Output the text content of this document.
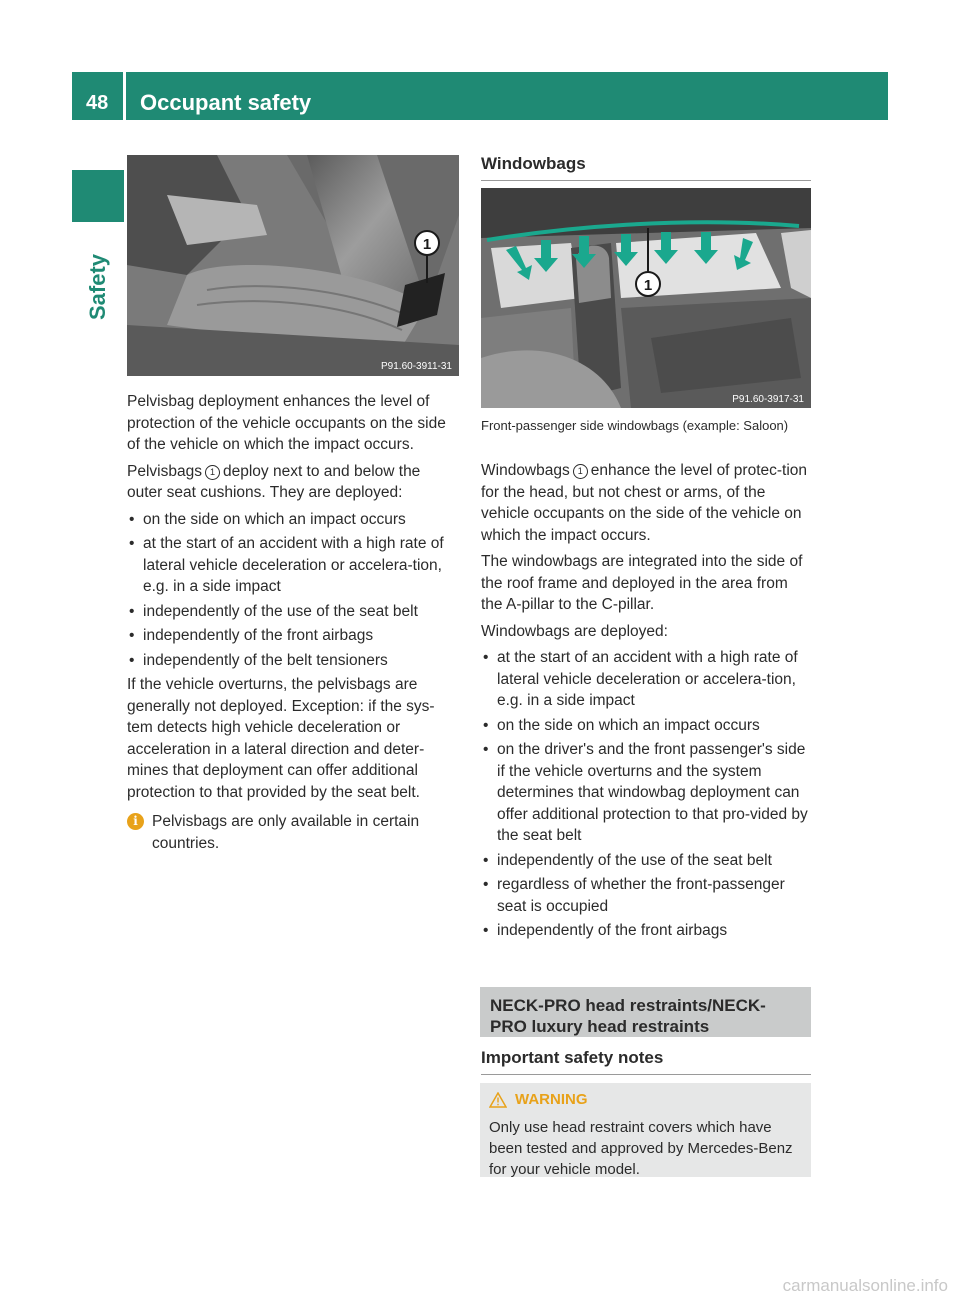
48 Occupant safety
Safety
1
P91.60-3911-31

Pelvisbag deployment enhances the level of protection of the vehicle occupants on the side of the vehicle on which the impact occurs.

Pelvisbags 1 deploy next to and below the outer seat cushions. They are deployed:

• on the side on which an impact occurs
• at the start of an accident with a high rate of lateral vehicle deceleration or accelera-tion, e.g. in a side impact
• independently of the use of the seat belt
• independently of the front airbags
• independently of the belt tensioners

If the vehicle overturns, the pelvisbags are generally not deployed. Exception: if the sys-tem detects high vehicle deceleration or acceleration in a lateral direction and deter-mines that deployment can offer additional protection to that provided by the seat belt.

i Pelvisbags are only available in certain countries.
Windowbags
1
P91.60-3917-31
Front-passenger side windowbags (example: Saloon)

Windowbags 1 enhance the level of protec-tion for the head, but not chest or arms, of the vehicle occupants on the side of the vehicle on which the impact occurs.

The windowbags are integrated into the side of the roof frame and deployed in the area from the A-pillar to the C-pillar.

Windowbags are deployed:

• at the start of an accident with a high rate of lateral vehicle deceleration or accelera-tion, e.g. in a side impact
• on the side on which an impact occurs
• on the driver's and the front passenger's side if the vehicle overturns and the system determines that windowbag deployment can offer additional protection to that pro-vided by the seat belt
• independently of the use of the seat belt
• regardless of whether the front-passenger seat is occupied
• independently of the front airbags
NECK-PRO head restraints/NECK-PRO luxury head restraints
Important safety notes
WARNING
Only use head restraint covers which have been tested and approved by Mercedes-Benz for your vehicle model.
carmanualsonline.info
